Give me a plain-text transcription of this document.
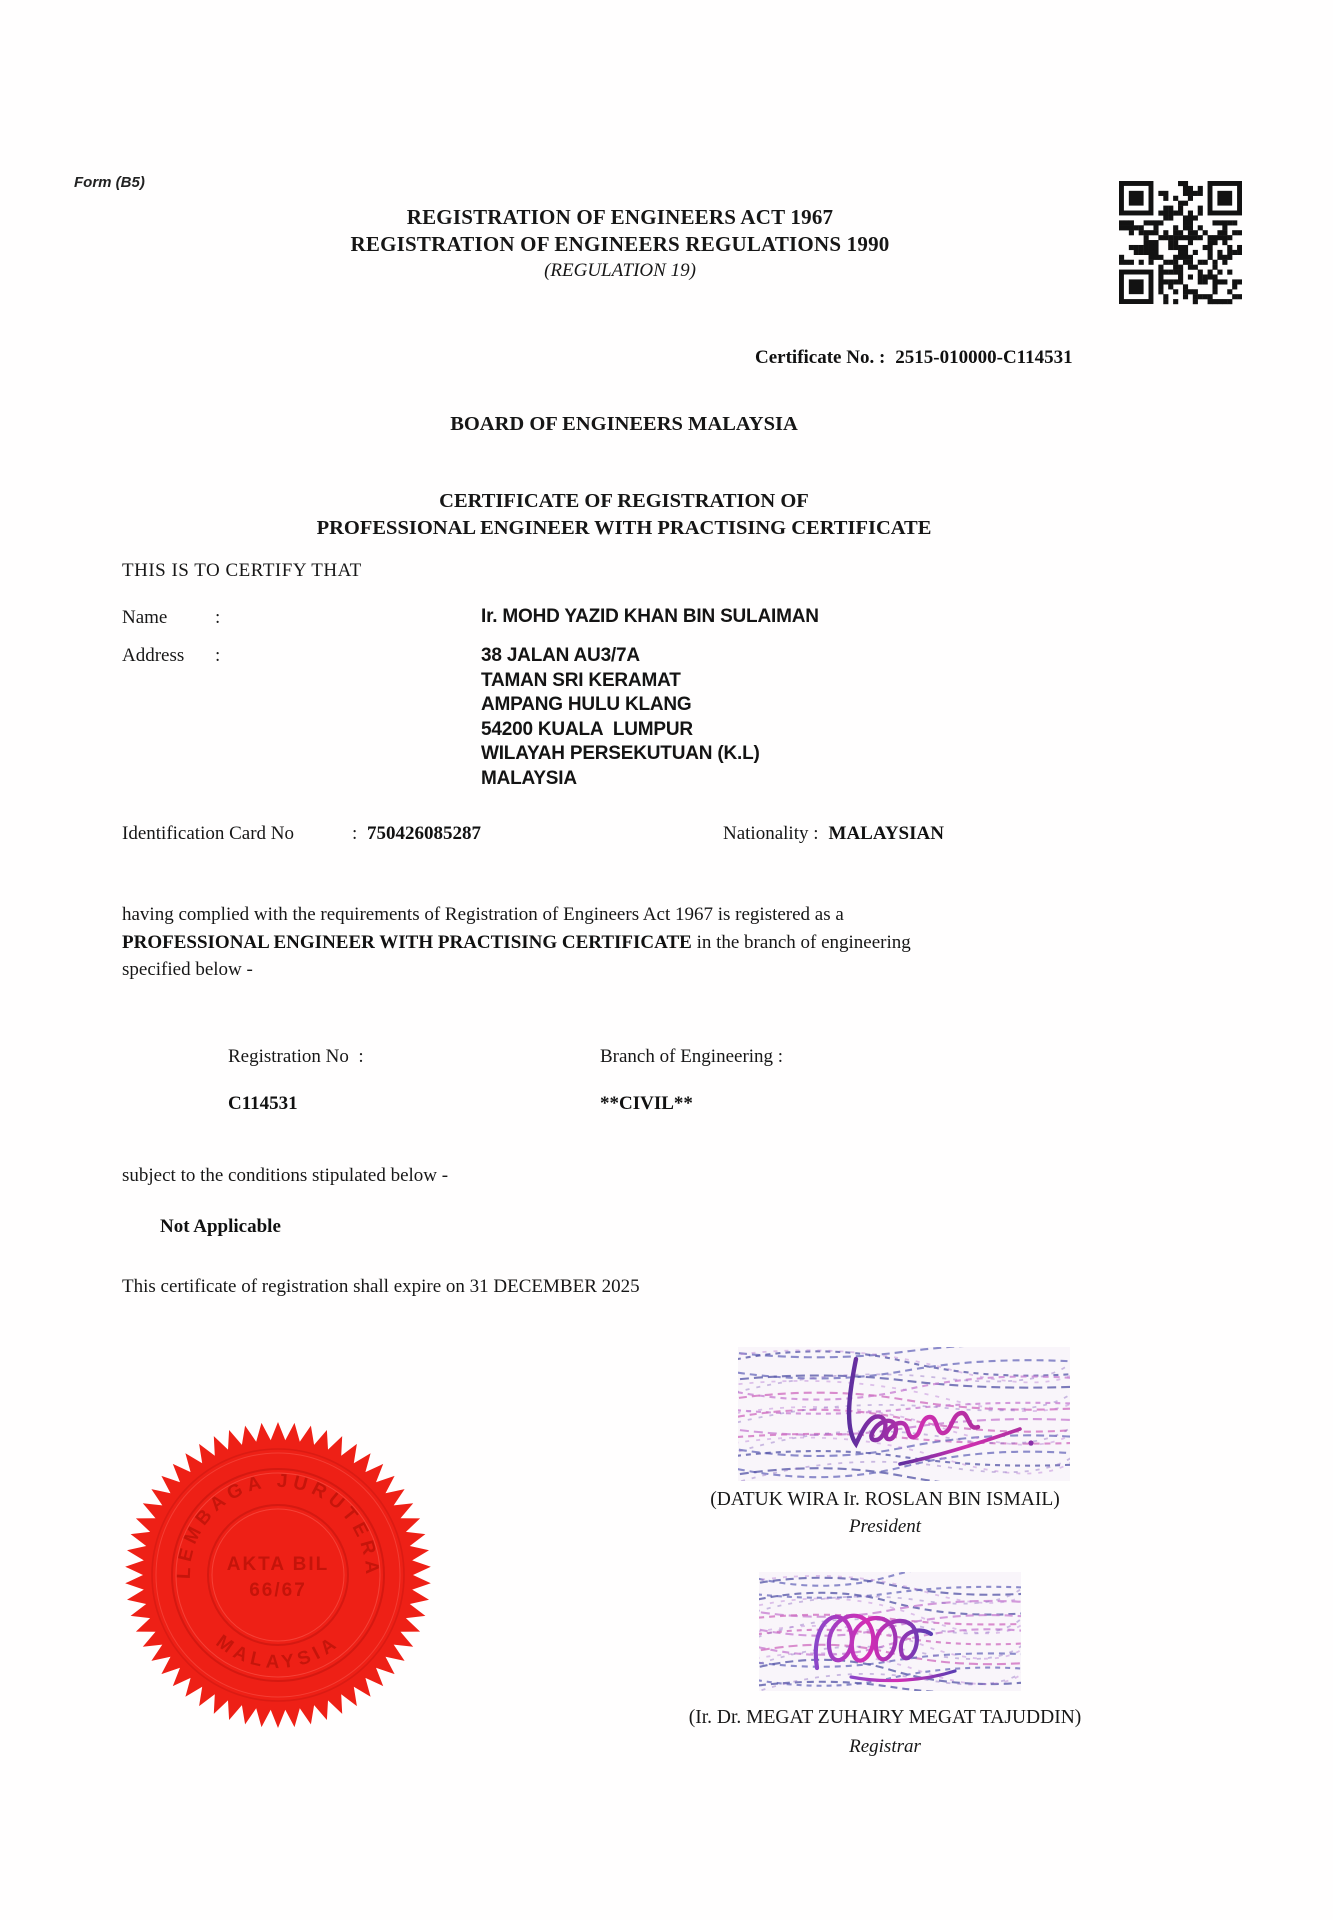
Form (B5)
REGISTRATION OF ENGINEERS ACT 1967
REGISTRATION OF ENGINEERS REGULATIONS 1990
(REGULATION 19)
Certificate No. : 2515-010000-C114531
BOARD OF ENGINEERS MALAYSIA
CERTIFICATE OF REGISTRATION OF
PROFESSIONAL ENGINEER WITH PRACTISING CERTIFICATE
THIS IS TO CERTIFY THAT
Name	:	Ir. MOHD YAZID KHAN BIN SULAIMAN
Address :	38 JALAN AU3/7A
TAMAN SRI KERAMAT
AMPANG HULU KLANG
54200 KUALA  LUMPUR
WILAYAH PERSEKUTUAN (K.L)
MALAYSIA
Identification Card No	: 750426085287	Nationality : MALAYSIAN
having complied with the requirements of Registration of Engineers Act 1967 is registered as a
PROFESSIONAL ENGINEER WITH PRACTISING CERTIFICATE in the branch of engineering
specified below -
Registration No  :	Branch of Engineering :
C114531	**CIVIL**
subject to the conditions stipulated below -
Not Applicable
This certificate of registration shall expire on 31 DECEMBER 2025
LEMBAGA JURUTERA
MALAYSIA
AKTA BIL
66/67
(DATUK WIRA Ir. ROSLAN BIN ISMAIL)
President
(Ir. Dr. MEGAT ZUHAIRY MEGAT TAJUDDIN)
Registrar
